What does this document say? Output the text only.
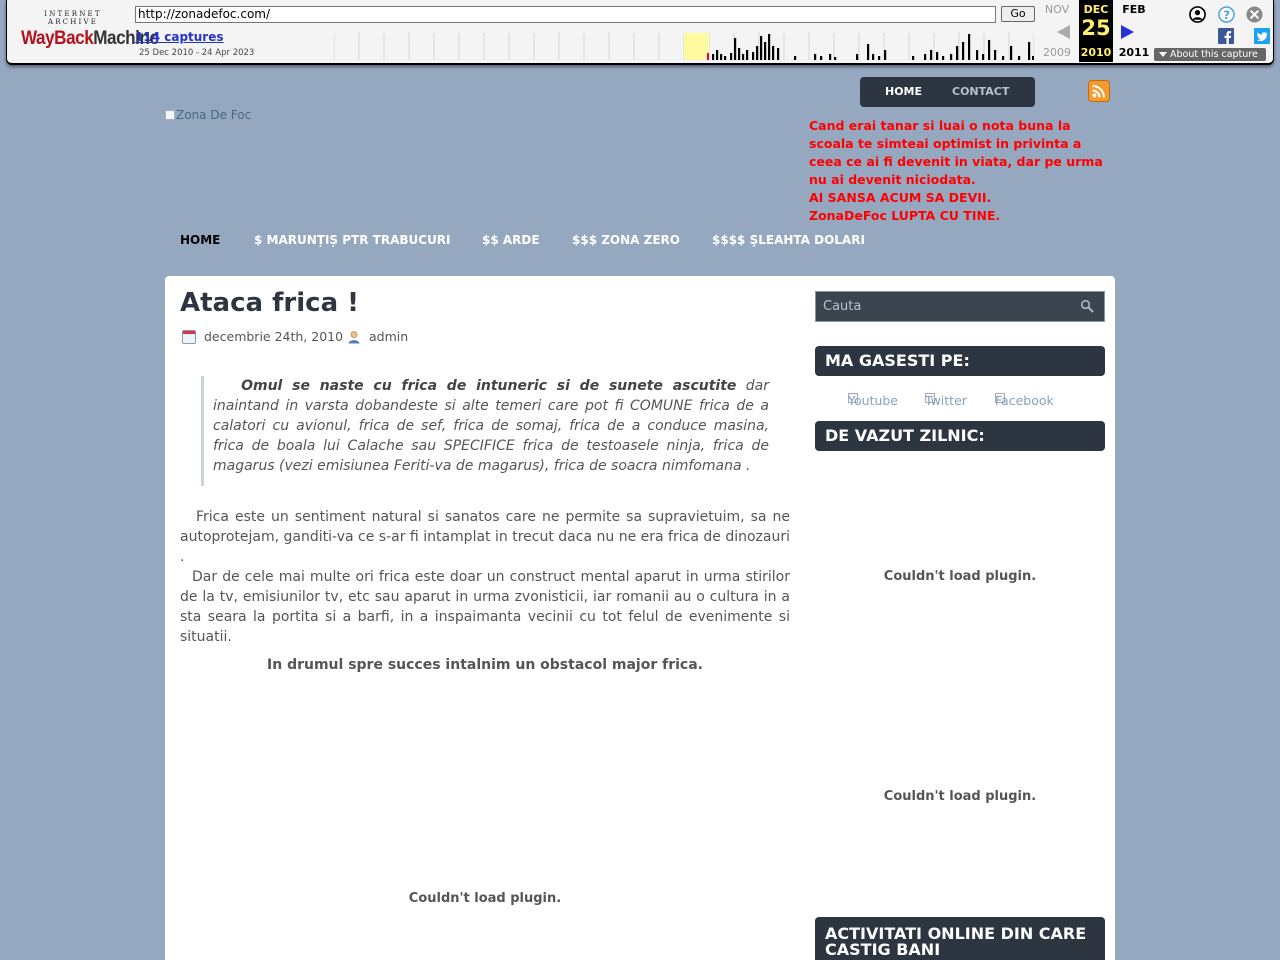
INTERNET ARCHIVE
WayBackMachine
http://zonadefoc.com/	Go
114 captures
25 Dec 2010 - 24 Apr 2023
NOV
2009
DEC
25
2010
FEB
2011
?
About this capture
Zona De Foc
HOME	CONTACT
Cand erai tanar si luai o nota buna la scoala te simteai optimist in privinta a ceea ce ai fi devenit in viata, dar pe urma nu ai devenit niciodata.
AI SANSA ACUM SA DEVII.
ZonaDeFoc LUPTA CU TINE.
HOME	$ MARUNȚIȘ PTR TRABUCURI	$$ ARDE	$$$ ZONA ZERO	$$$$ ŞLEAHTA DOLARI
Ataca frica !
decembrie 24th, 2010 admin
Omul se naste cu frica de intuneric si de sunete ascutite dar inaintand in varsta dobandeste si alte temeri care pot fi COMUNE frica de a calatori cu avionul, frica de sef, frica de somaj, frica de a conduce masina, frica de boala lui Calache sau SPECIFICE frica de testoasele ninja, frica de magarus (vezi emisiunea Feriti-va de magarus), frica de soacra nimfomana .
Frica este un sentiment natural si sanatos care ne permite sa supravietuim, sa ne autoprotejam, ganditi-va ce s-ar fi intamplat in trecut daca nu ne era frica de dinozauri .
Dar de cele mai multe ori frica este doar un construct mental aparut in urma stirilor de la tv, emisiunilor tv, etc sau aparut in urma zvonisticii, iar romanii au o cultura in a sta seara la portita si a barfi, in a inspaimanta vecinii cu tot felul de evenimente si situatii.
In drumul spre succes intalnim un obstacol major frica.
Couldn't load plugin.
Cauta
MA GASESTI PE:
Youtube Twitter Facebook
DE VAZUT ZILNIC:
Couldn't load plugin.
Couldn't load plugin.
ACTIVITATI ONLINE DIN CARE CASTIG BANI
